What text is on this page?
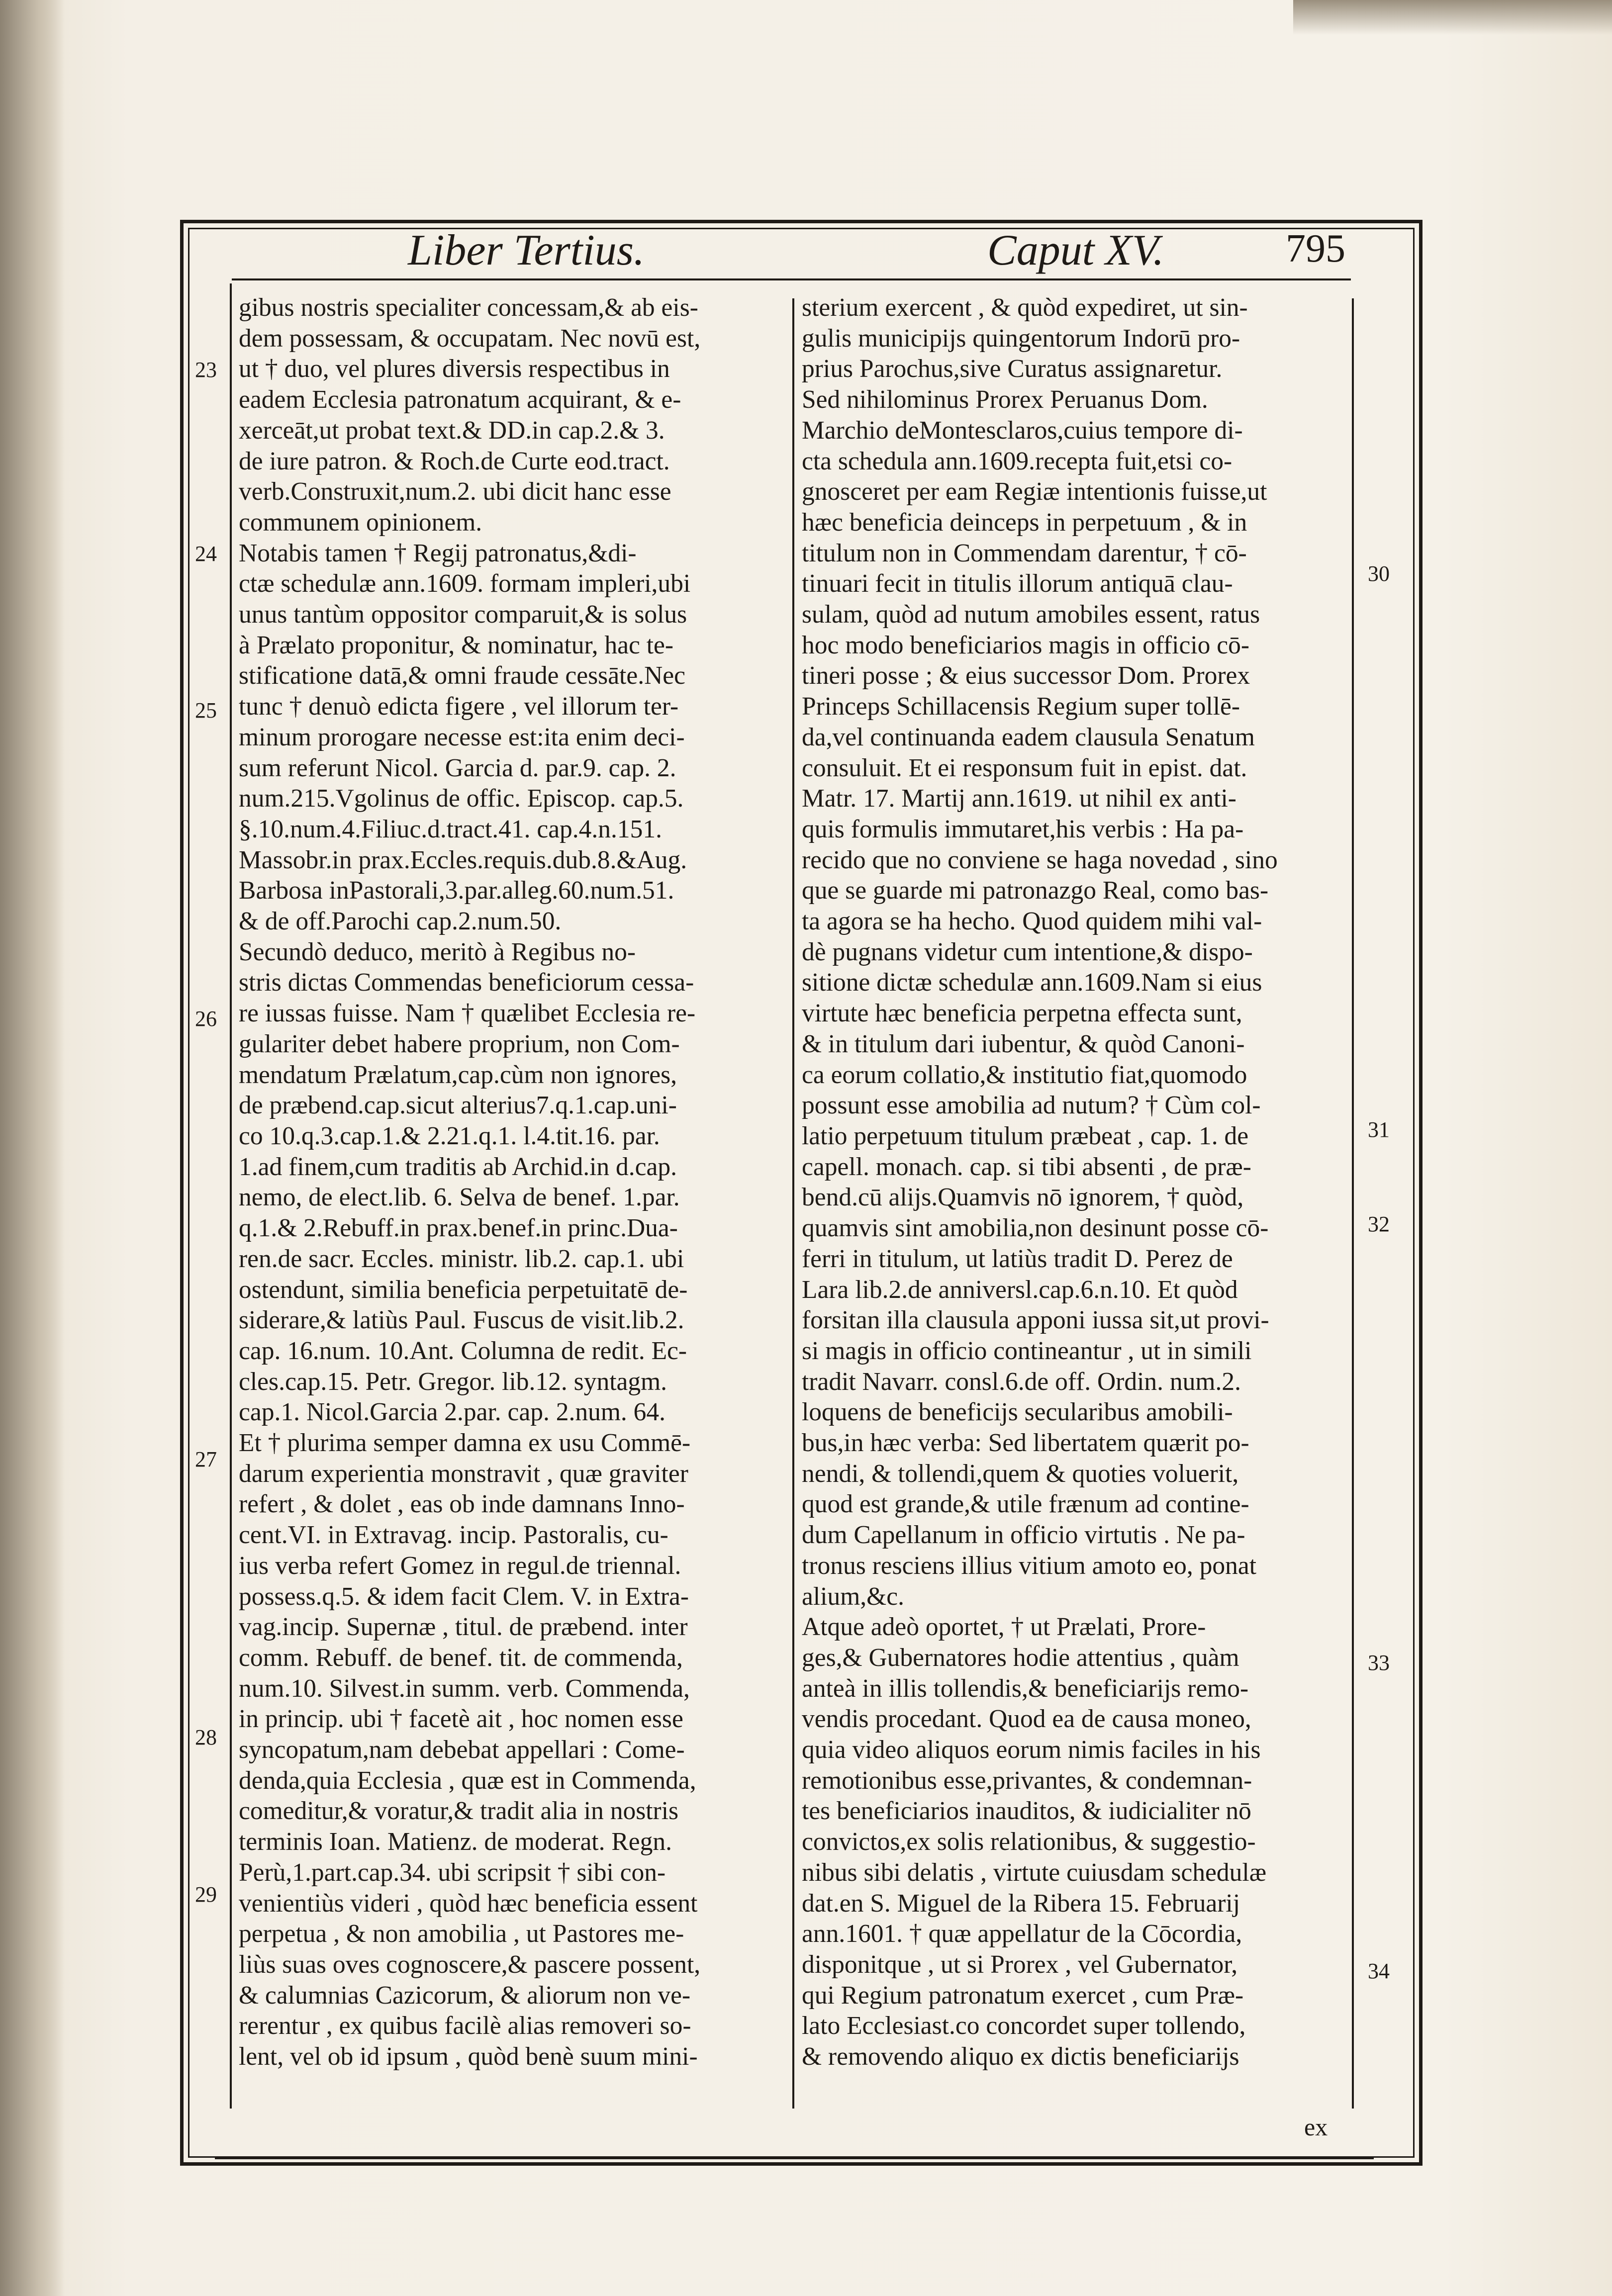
Liber Tertius.	Caput XV.	795

gibus nostris specialiter concessam,& ab eis-

dem possessam, & occupatam. Nec novū est,

ut † duo, vel plures diversis respectibus in

eadem Ecclesia patronatum acquirant, & e-

xerceāt,ut probat text.& DD.in cap.2.& 3.

de iure patron. & Roch.de Curte eod.tract.

verb.Construxit,num.2. ubi dicit hanc esse

communem opinionem.

Notabis tamen † Regij patronatus,&di-

ctæ schedulæ ann.1609. formam impleri,ubi

unus tantùm oppositor comparuit,& is solus

à Prælato proponitur, & nominatur, hac te-

stificatione datā,& omni fraude cessāte.Nec

tunc † denuò edicta figere , vel illorum ter-

minum prorogare necesse est:ita enim deci-

sum referunt Nicol. Garcia d. par.9. cap. 2.

num.215.Vgolinus de offic. Episcop. cap.5.

§.10.num.4.Filiuc.d.tract.41. cap.4.n.151.

Massobr.in prax.Eccles.requis.dub.8.&Aug.

Barbosa inPastorali,3.par.alleg.60.num.51.

& de off.Parochi cap.2.num.50.

Secundò deduco, meritò à Regibus no-

stris dictas Commendas beneficiorum cessa-

re iussas fuisse. Nam † quælibet Ecclesia re-

gulariter debet habere proprium, non Com-

mendatum Prælatum,cap.cùm non ignores,

de præbend.cap.sicut alterius7.q.1.cap.uni-

co 10.q.3.cap.1.& 2.21.q.1. l.4.tit.16. par.

1.ad finem,cum traditis ab Archid.in d.cap.

nemo, de elect.lib. 6. Selva de benef. 1.par.

q.1.& 2.Rebuff.in prax.benef.in princ.Dua-

ren.de sacr. Eccles. ministr. lib.2. cap.1. ubi

ostendunt, similia beneficia perpetuitatē de-

siderare,& latiùs Paul. Fuscus de visit.lib.2.

cap. 16.num. 10.Ant. Columna de redit. Ec-

cles.cap.15. Petr. Gregor. lib.12. syntagm.

cap.1. Nicol.Garcia 2.par. cap. 2.num. 64.

Et † plurima semper damna ex usu Commē-

darum experientia monstravit , quæ graviter

refert , & dolet , eas ob inde damnans Inno-

cent.VI. in Extravag. incip. Pastoralis, cu-

ius verba refert Gomez in regul.de triennal.

possess.q.5. & idem facit Clem. V. in Extra-

vag.incip. Supernæ , titul. de præbend. inter

comm. Rebuff. de benef. tit. de commenda,

num.10. Silvest.in summ. verb. Commenda,

in princip. ubi † facetè ait , hoc nomen esse

syncopatum,nam debebat appellari : Come-

denda,quia Ecclesia , quæ est in Commenda,

comeditur,& voratur,& tradit alia in nostris

terminis Ioan. Matienz. de moderat. Regn.

Perù,1.part.cap.34. ubi scripsit † sibi con-

venientiùs videri , quòd hæc beneficia essent

perpetua , & non amobilia , ut Pastores me-

liùs suas oves cognoscere,& pascere possent,

& calumnias Cazicorum, & aliorum non ve-

rerentur , ex quibus facilè alias removeri so-

lent, vel ob id ipsum , quòd benè suum mini-

sterium exercent , & quòd expediret, ut sin-

gulis municipijs quingentorum Indorū pro-

prius Parochus,sive Curatus assignaretur.

Sed nihilominus Prorex Peruanus Dom.

Marchio deMontesclaros,cuius tempore di-

cta schedula ann.1609.recepta fuit,etsi co-

gnosceret per eam Regiæ intentionis fuisse,ut

hæc beneficia deinceps in perpetuum , & in

titulum non in Commendam darentur, † cō-

tinuari fecit in titulis illorum antiquā clau-

sulam, quòd ad nutum amobiles essent, ratus

hoc modo beneficiarios magis in officio cō-

tineri posse ; & eius successor Dom. Prorex

Princeps Schillacensis Regium super tollē-

da,vel continuanda eadem clausula Senatum

consuluit. Et ei responsum fuit in epist. dat.

Matr. 17. Martij ann.1619. ut nihil ex anti-

quis formulis immutaret,his verbis : Ha pa-

recido que no conviene se haga novedad , sino

que se guarde mi patronazgo Real, como bas-

ta agora se ha hecho. Quod quidem mihi val-

dè pugnans videtur cum intentione,& dispo-

sitione dictæ schedulæ ann.1609.Nam si eius

virtute hæc beneficia perpetna effecta sunt,

& in titulum dari iubentur, & quòd Canoni-

ca eorum collatio,& institutio fiat,quomodo

possunt esse amobilia ad nutum? † Cùm col-

latio perpetuum titulum præbeat , cap. 1. de

capell. monach. cap. si tibi absenti , de præ-

bend.cū alijs.Quamvis nō ignorem, † quòd,

quamvis sint amobilia,non desinunt posse cō-

ferri in titulum, ut latiùs tradit D. Perez de

Lara lib.2.de anniversl.cap.6.n.10. Et quòd

forsitan illa clausula apponi iussa sit,ut provi-

si magis in officio contineantur , ut in simili

tradit Navarr. consl.6.de off. Ordin. num.2.

loquens de beneficijs secularibus amobili-

bus,in hæc verba: Sed libertatem quærit po-

nendi, & tollendi,quem & quoties voluerit,

quod est grande,& utile frænum ad contine-

dum Capellanum in officio virtutis . Ne pa-

tronus resciens illius vitium amoto eo, ponat

alium,&c.

Atque adeò oportet, † ut Prælati, Prore-

ges,& Gubernatores hodie attentius , quàm

anteà in illis tollendis,& beneficiarijs remo-

vendis procedant. Quod ea de causa moneo,

quia video aliquos eorum nimis faciles in his

remotionibus esse,privantes, & condemnan-

tes beneficiarios inauditos, & iudicialiter nō

convictos,ex solis relationibus, & suggestio-

nibus sibi delatis , virtute cuiusdam schedulæ

dat.en S. Miguel de la Ribera 15. Februarij

ann.1601. † quæ appellatur de la Cōcordia,

disponitque , ut si Prorex , vel Gubernator,

qui Regium patronatum exercet , cum Præ-

lato Ecclesiast.co concordet super tollendo,

& removendo aliquo ex dictis beneficiarijs

23
24
25
26
27
28
29
30
31
32
33
34
ex
